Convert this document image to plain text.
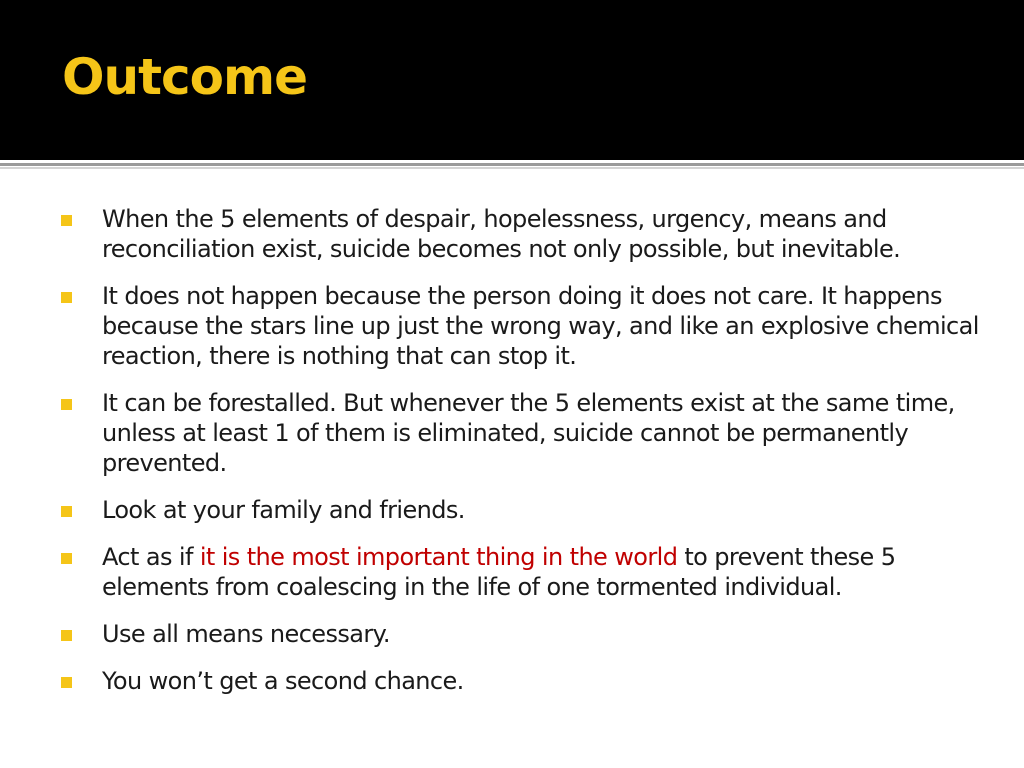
Outcome
When the 5 elements of despair, hopelessness, urgency, means and reconciliation exist, suicide becomes not only possible, but inevitable.
It does not happen because the person doing it does not care. It happens because the stars line up just the wrong way, and like an explosive chemical reaction, there is nothing that can stop it.
It can be forestalled. But whenever the 5 elements exist at the same time, unless at least 1 of them is eliminated, suicide cannot be permanently prevented.
Look at your family and friends.
Act as if it is the most important thing in the world to prevent these 5 elements from coalescing in the life of one tormented individual.
Use all means necessary.
You won’t get a second chance.
